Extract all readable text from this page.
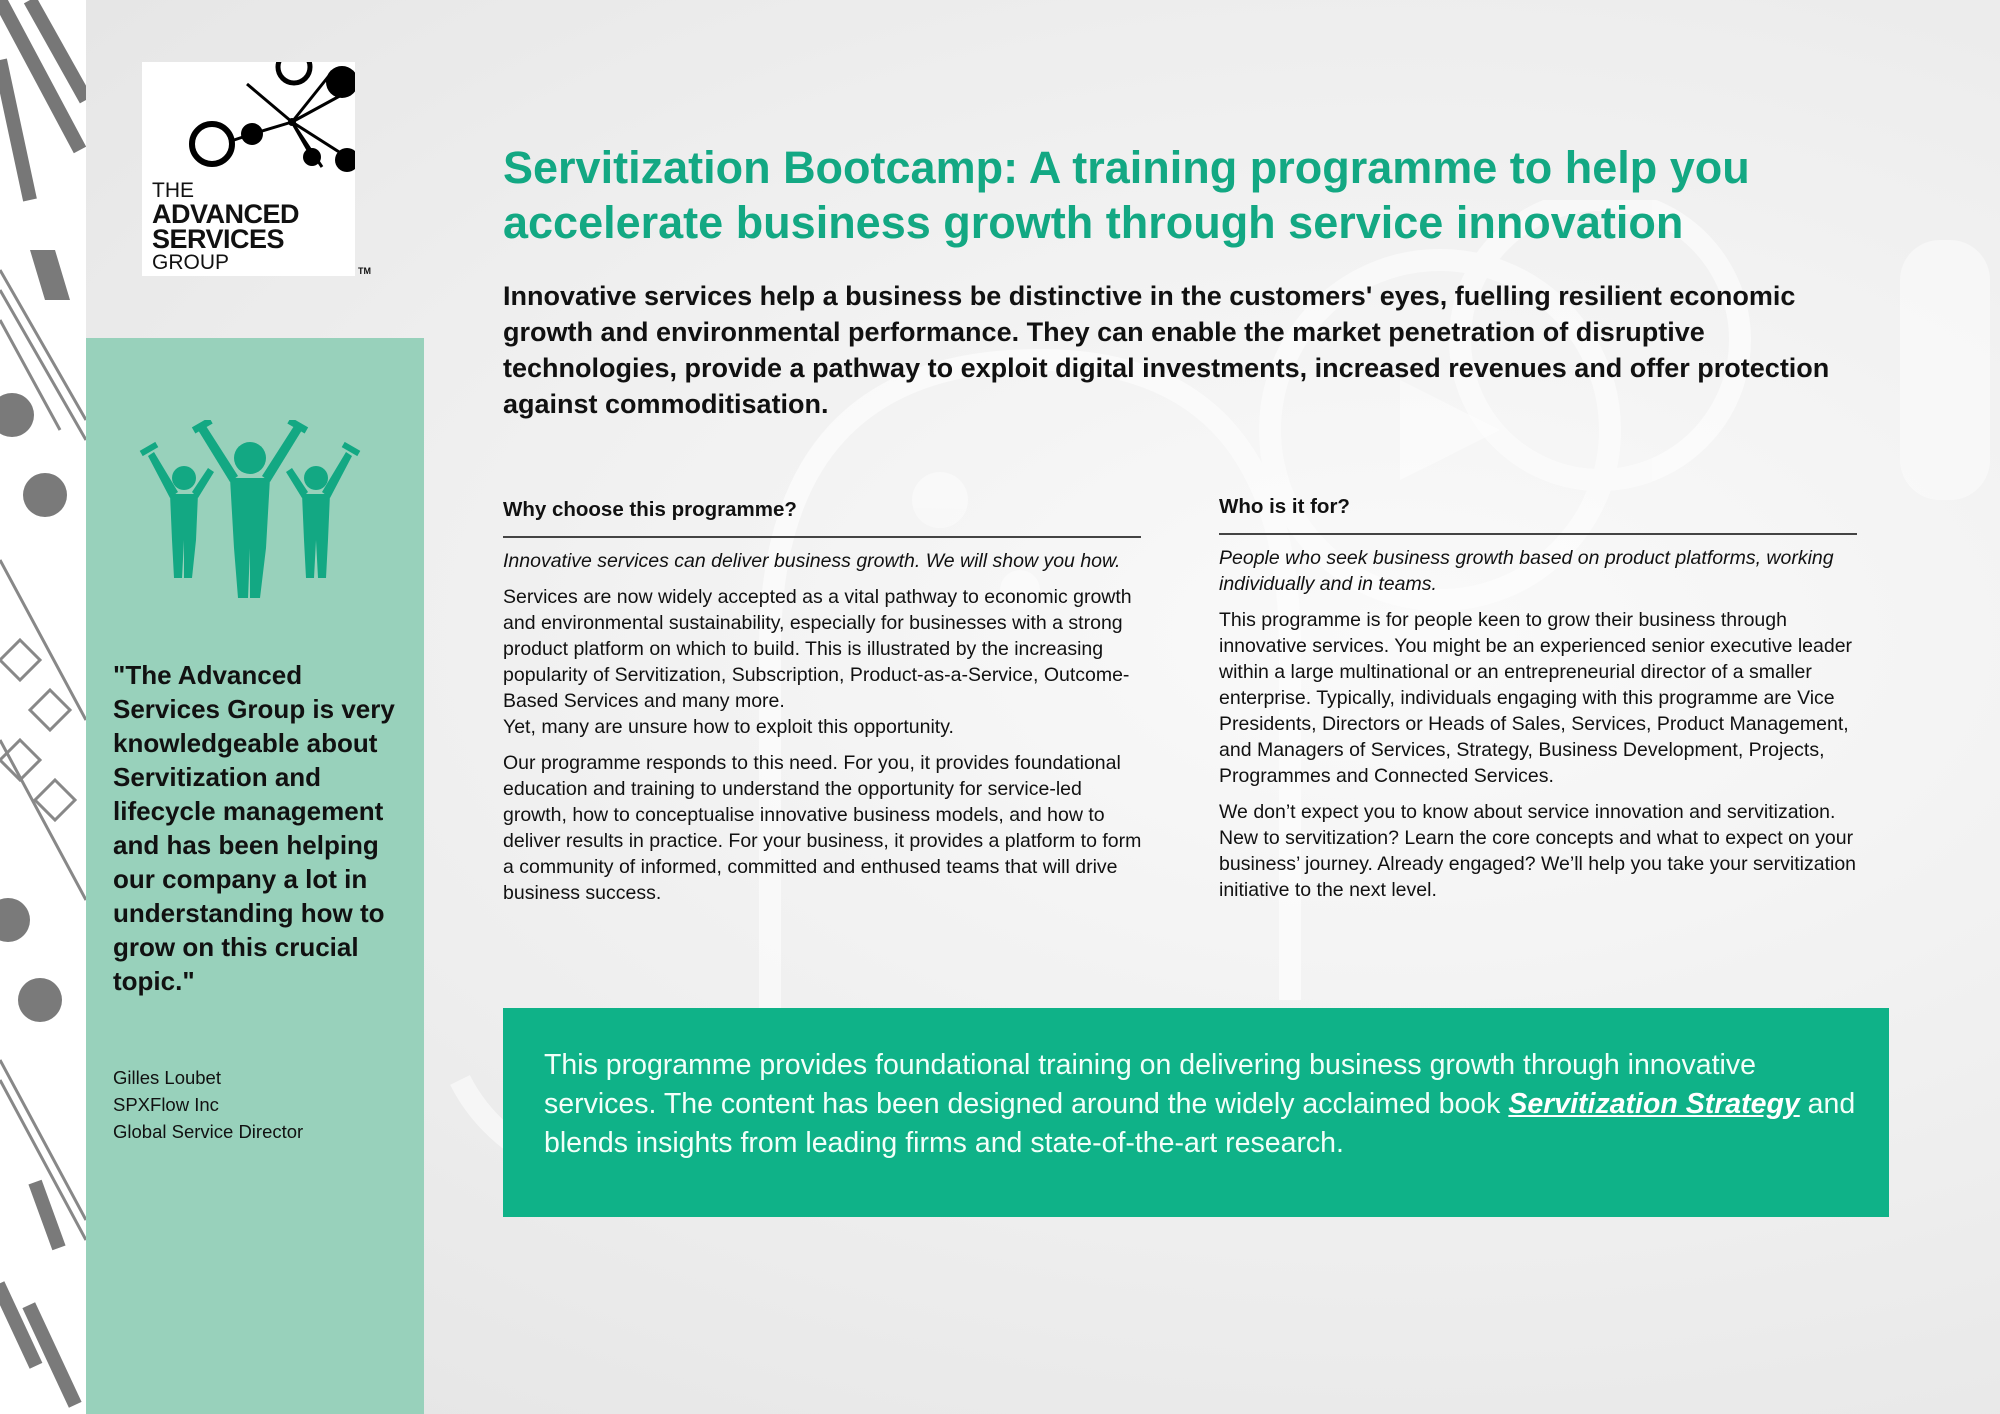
THE
ADVANCED
SERVICES
GROUP	TM
"The Advanced Services Group is very knowledgeable about Servitization and lifecycle management and has been helping our company a lot in understanding how to grow on this crucial topic."
Gilles Loubet
SPXFlow Inc
Global Service Director
Servitization Bootcamp: A training programme to help you accelerate business growth through service innovation
Innovative services help a business be distinctive in the customers' eyes, fuelling resilient economic growth and environmental performance. They can enable the market penetration of disruptive technologies, provide a pathway to exploit digital investments, increased revenues and offer protection against commoditisation.
Why choose this programme?
Innovative services can deliver business growth. We will show you how.

Services are now widely accepted as a vital pathway to economic growth and environmental sustainability, especially for businesses with a strong product platform on which to build. This is illustrated by the increasing popularity of Servitization, Subscription, Product-as-a-Service, Outcome-Based Services and many more.
Yet, many are unsure how to exploit this opportunity.

Our programme responds to this need. For you, it provides foundational education and training to understand the opportunity for service-led growth, how to conceptualise innovative business models, and how to deliver results in practice. For your business, it provides a platform to form a community of informed, committed and enthused teams that will drive business success.

Who is it for?
People who seek business growth based on product platforms, working individually and in teams.

This programme is for people keen to grow their business through innovative services. You might be an experienced senior executive leader within a large multinational or an entrepreneurial director of a smaller enterprise. Typically, individuals engaging with this programme are Vice Presidents, Directors or Heads of Sales, Services, Product Management, and Managers of Services, Strategy, Business Development, Projects, Programmes and Connected Services.

We don’t expect you to know about service innovation and servitization. New to servitization? Learn the core concepts and what to expect on your business’ journey. Already engaged? We’ll help you take your servitization initiative to the next level.

This programme provides foundational training on delivering business growth through innovative services. The content has been designed around the widely acclaimed book Servitization Strategy and blends insights from leading firms and state-of-the-art research.
